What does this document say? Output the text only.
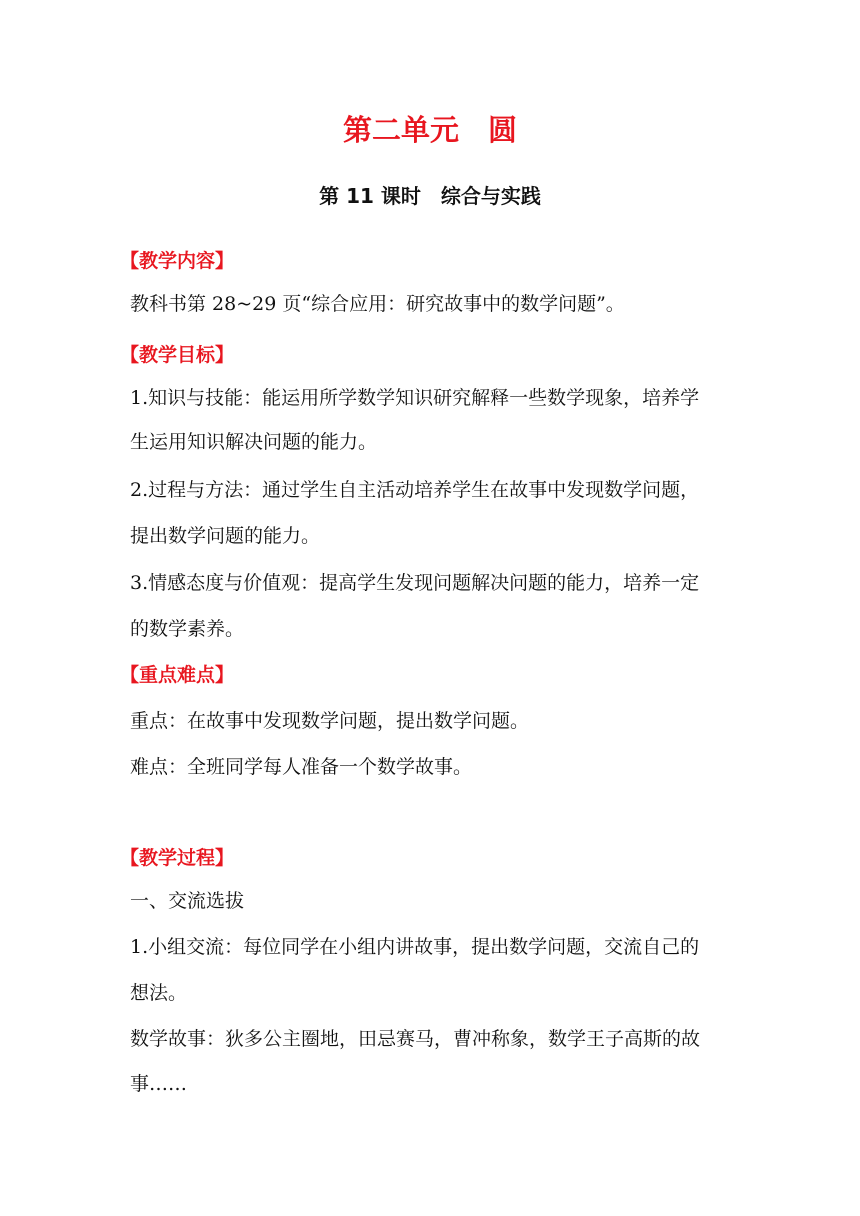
第二单元　圆
第 11 课时　综合与实践
【教学内容】

教科书第 28~29 页“综合应用：研究故事中的数学问题”。

【教学目标】

1.知识与技能：能运用所学数学知识研究解释一些数学现象，培养学

生运用知识解决问题的能力。

2.过程与方法：通过学生自主活动培养学生在故事中发现数学问题，

提出数学问题的能力。

3.情感态度与价值观：提高学生发现问题解决问题的能力，培养一定

的数学素养。

【重点难点】

重点：在故事中发现数学问题，提出数学问题。

难点：全班同学每人准备一个数学故事。

【教学过程】

一、交流选拔

1.小组交流：每位同学在小组内讲故事，提出数学问题，交流自己的

想法。

数学故事：狄多公主圈地，田忌赛马，曹冲称象，数学王子高斯的故

事……
